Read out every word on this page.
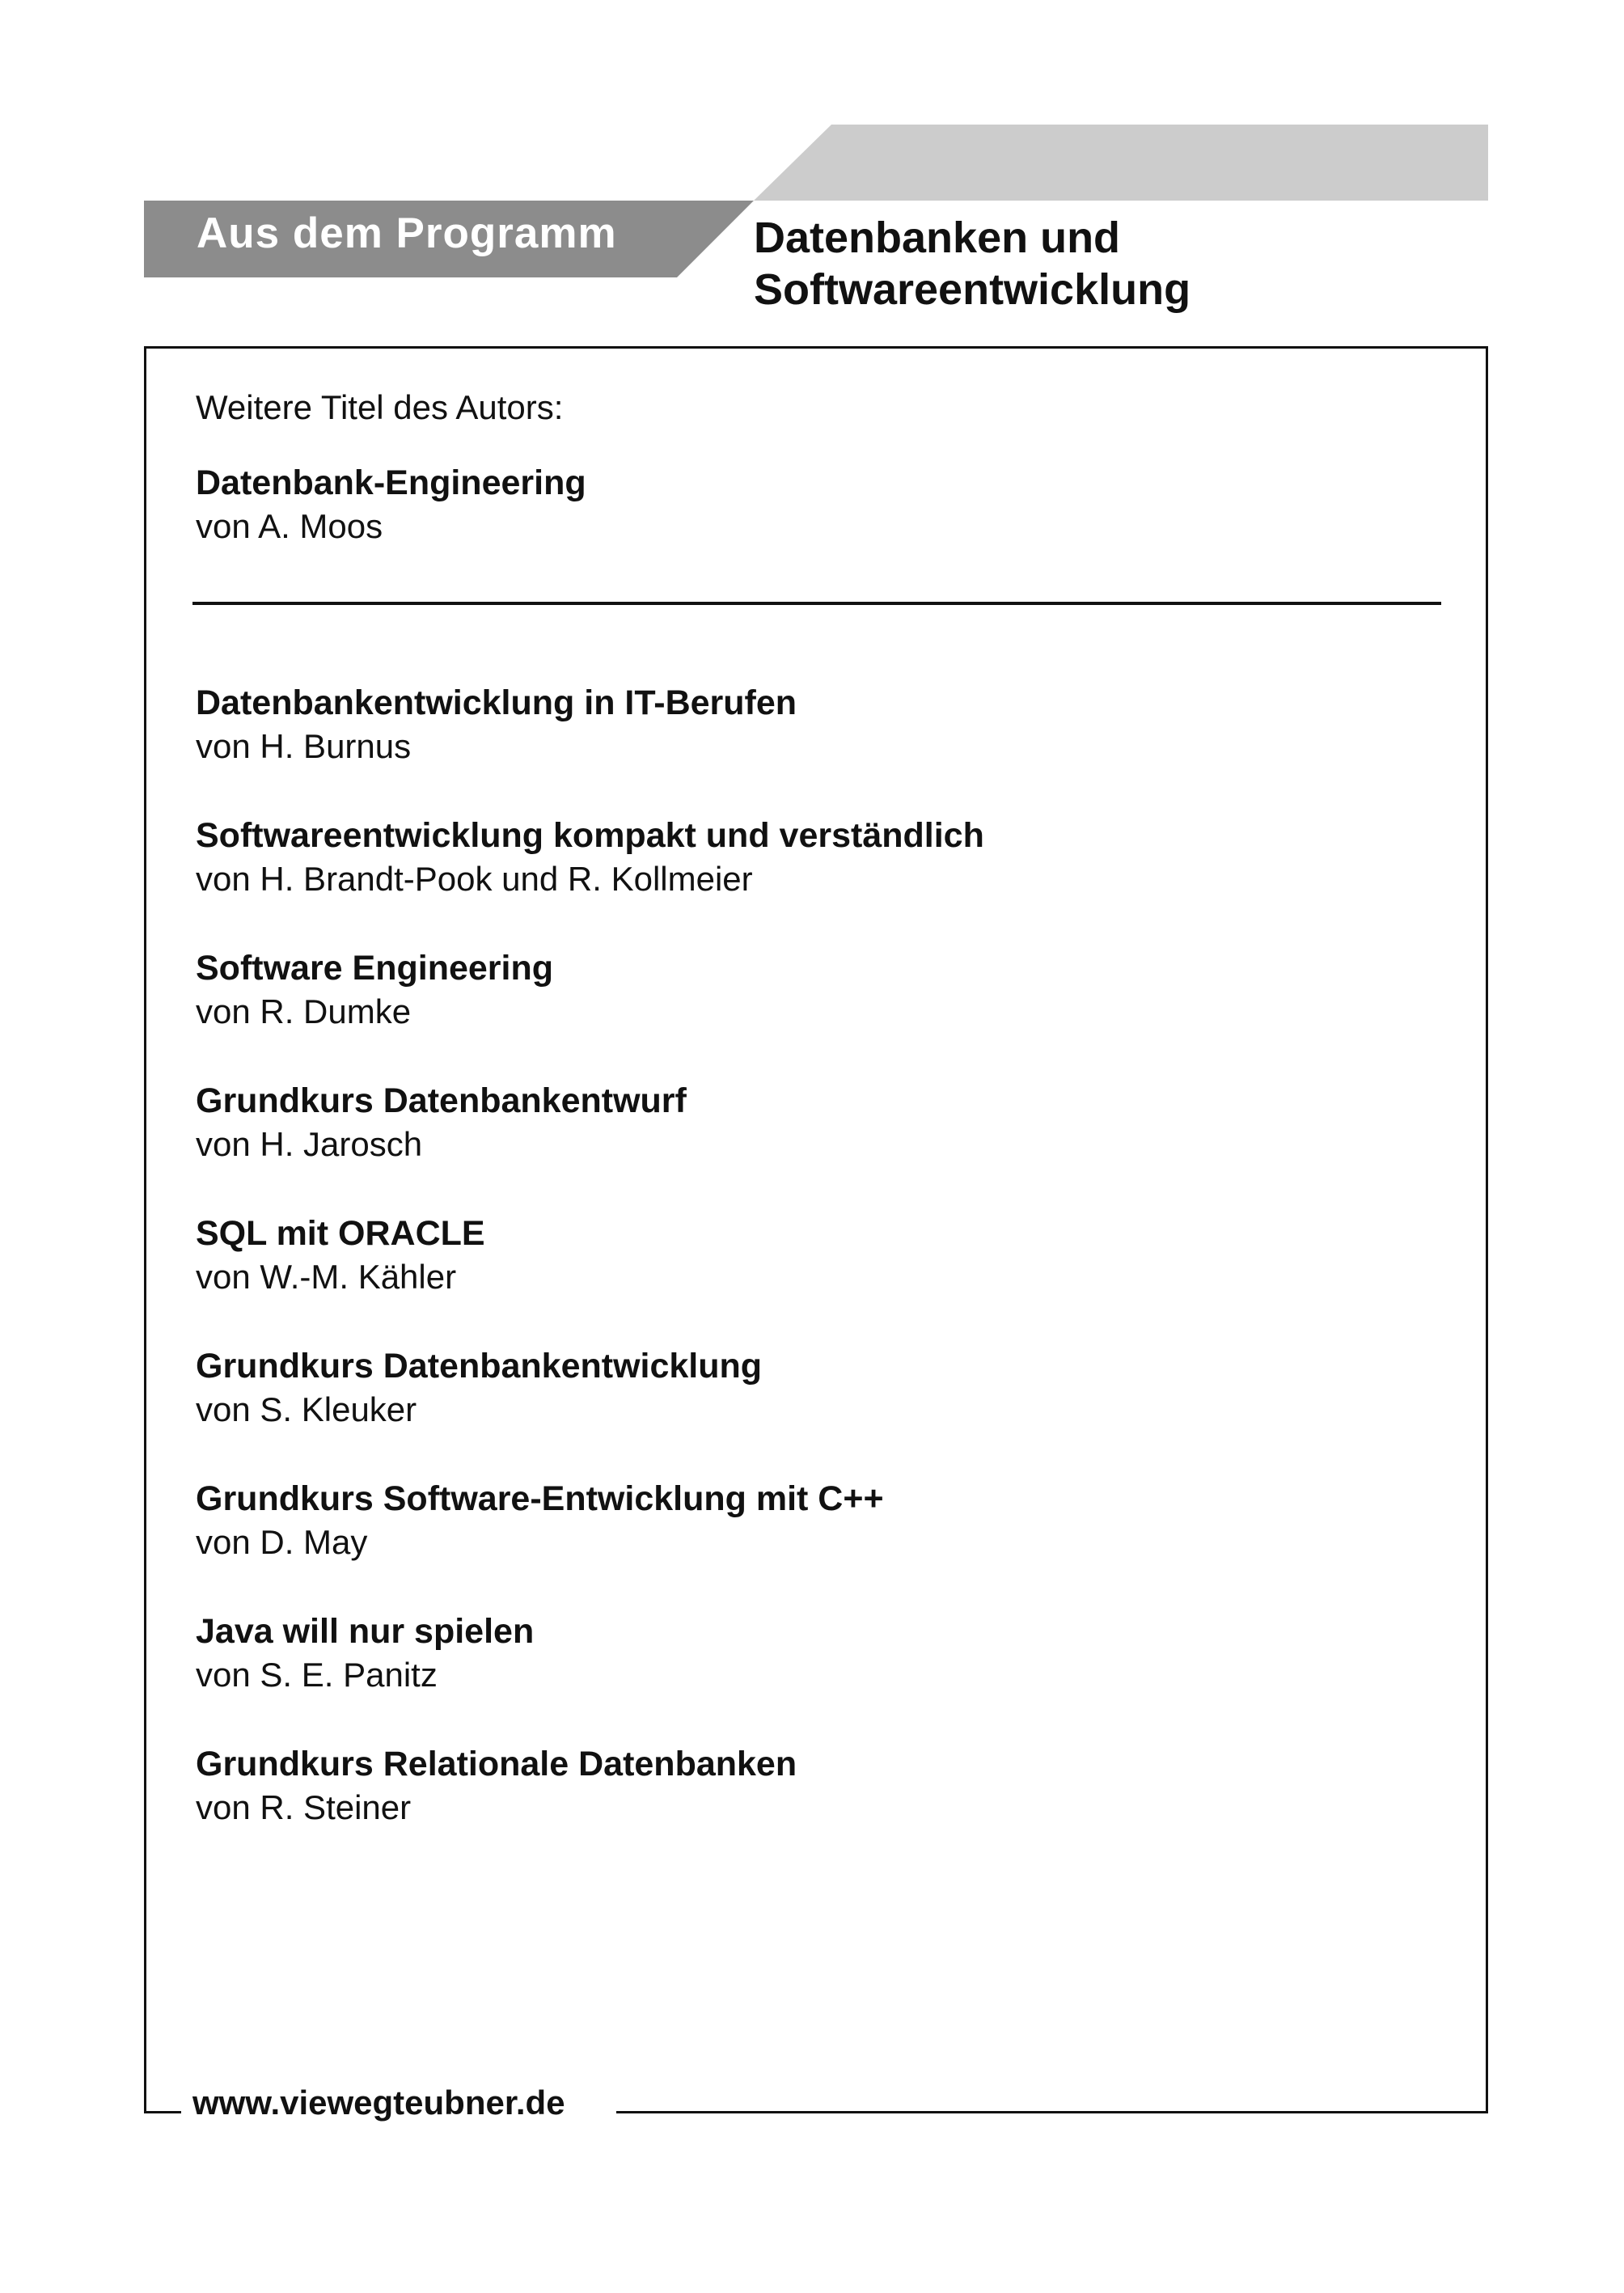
Aus dem Programm	Datenbanken und
Softwareentwicklung
Weitere Titel des Autors:
Datenbank-Engineering
von A. Moos
Datenbankentwicklung in IT-Berufen
von H. Burnus
Softwareentwicklung kompakt und verständlich
von H. Brandt-Pook und R. Kollmeier
Software Engineering
von R. Dumke
Grundkurs Datenbankentwurf
von H. Jarosch
SQL mit ORACLE
von W.-M. Kähler
Grundkurs Datenbankentwicklung
von S. Kleuker
Grundkurs Software-Entwicklung mit C++
von D. May
Java will nur spielen
von S. E. Panitz
Grundkurs Relationale Datenbanken
von R. Steiner
www.viewegteubner.de
